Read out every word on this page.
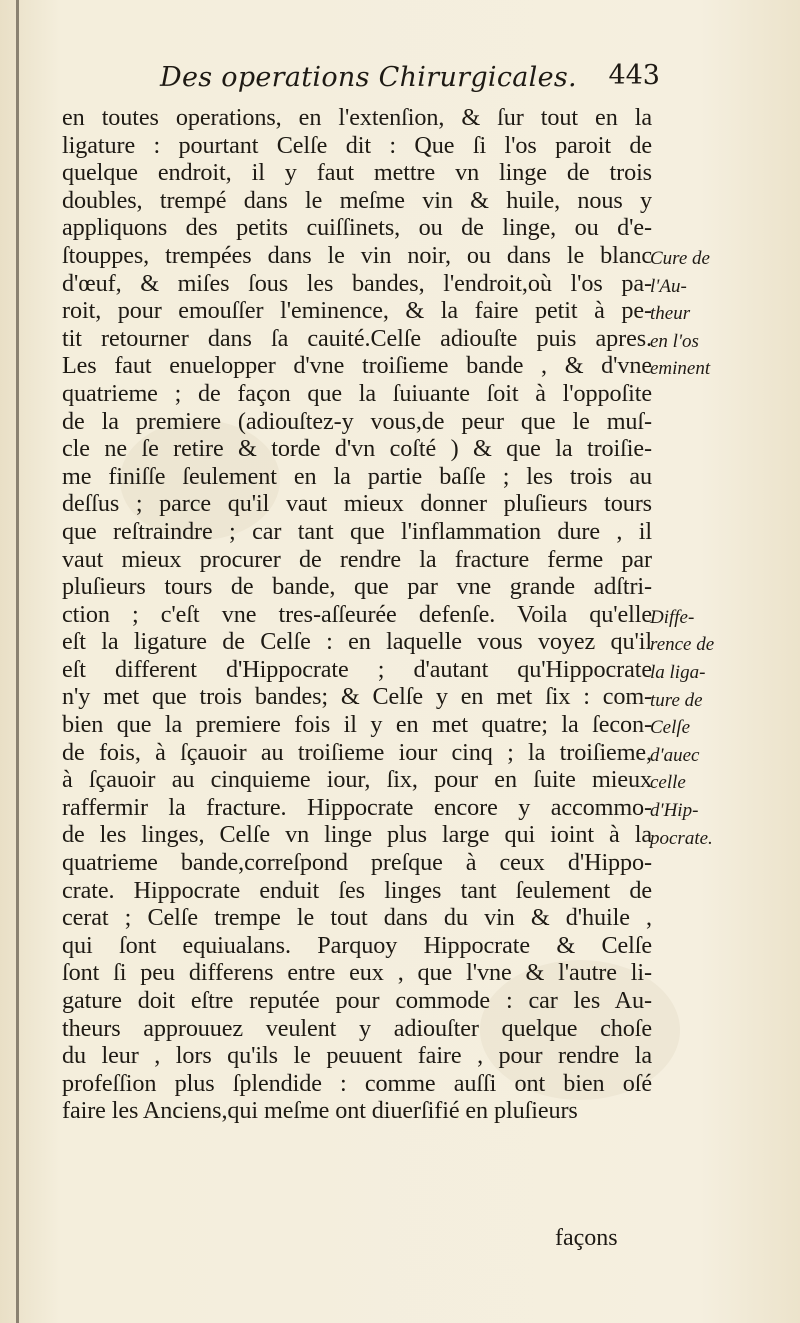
Des operations Chirurgicales. 443
en toutes operations, en l'extenſion, & ſur tout en la
ligature : pourtant Celſe dit : Que ſi l'os paroit de
quelque endroit, il y faut mettre vn linge de trois
doubles, trempé dans le meſme vin & huile, nous y
appliquons des petits cuiſſinets, ou de linge, ou d'e-
ſtouppes, trempées dans le vin noir, ou dans le blanc
d'œuf, & miſes ſous les bandes, l'endroit,où l'os pa-
roit, pour emouſſer l'eminence, & la faire petit à pe-
tit retourner dans ſa cauité.Celſe adiouſte puis apres.
Les faut enuelopper d'vne troiſieme bande , & d'vne
quatrieme ; de façon que la ſuiuante ſoit à l'oppoſite
de la premiere (adiouſtez-y vous,de peur que le muſ-
cle ne ſe retire & torde d'vn coſté ) & que la troiſie-
me finiſſe ſeulement en la partie baſſe ; les trois au
deſſus ; parce qu'il vaut mieux donner pluſieurs tours
que reſtraindre ; car tant que l'inflammation dure , il
vaut mieux procurer de rendre la fracture ferme par
pluſieurs tours de bande, que par vne grande adſtri-
ction ; c'eſt vne tres-aſſeurée defenſe. Voila qu'elle
eſt la ligature de Celſe : en laquelle vous voyez qu'il
eſt different d'Hippocrate ; d'autant qu'Hippocrate
n'y met que trois bandes; & Celſe y en met ſix : com-
bien que la premiere fois il y en met quatre; la ſecon-
de fois, à ſçauoir au troiſieme iour cinq ; la troiſieme,
à ſçauoir au cinquieme iour, ſix, pour en ſuite mieux
raffermir la fracture. Hippocrate encore y accommo-
de les linges, Celſe vn linge plus large qui ioint à la
quatrieme bande,correſpond preſque à ceux d'Hippo-
crate. Hippocrate enduit ſes linges tant ſeulement de
cerat ; Celſe trempe le tout dans du vin & d'huile ,
qui ſont equiualans. Parquoy Hippocrate & Celſe
ſont ſi peu differens entre eux , que l'vne & l'autre li-
gature doit eſtre reputée pour commode : car les Au-
theurs approuuez veulent y adiouſter quelque choſe
du leur , lors qu'ils le peuuent faire , pour rendre la
profeſſion plus ſplendide : comme auſſi ont bien oſé
faire les Anciens,qui meſme ont diuerſifié en pluſieurs
Cure de
l'Au-
theur
en l'os
eminent
Diffe-
rence de
la liga-
ture de
Celſe
d'auec
celle
d'Hip-
pocrate.
façons
